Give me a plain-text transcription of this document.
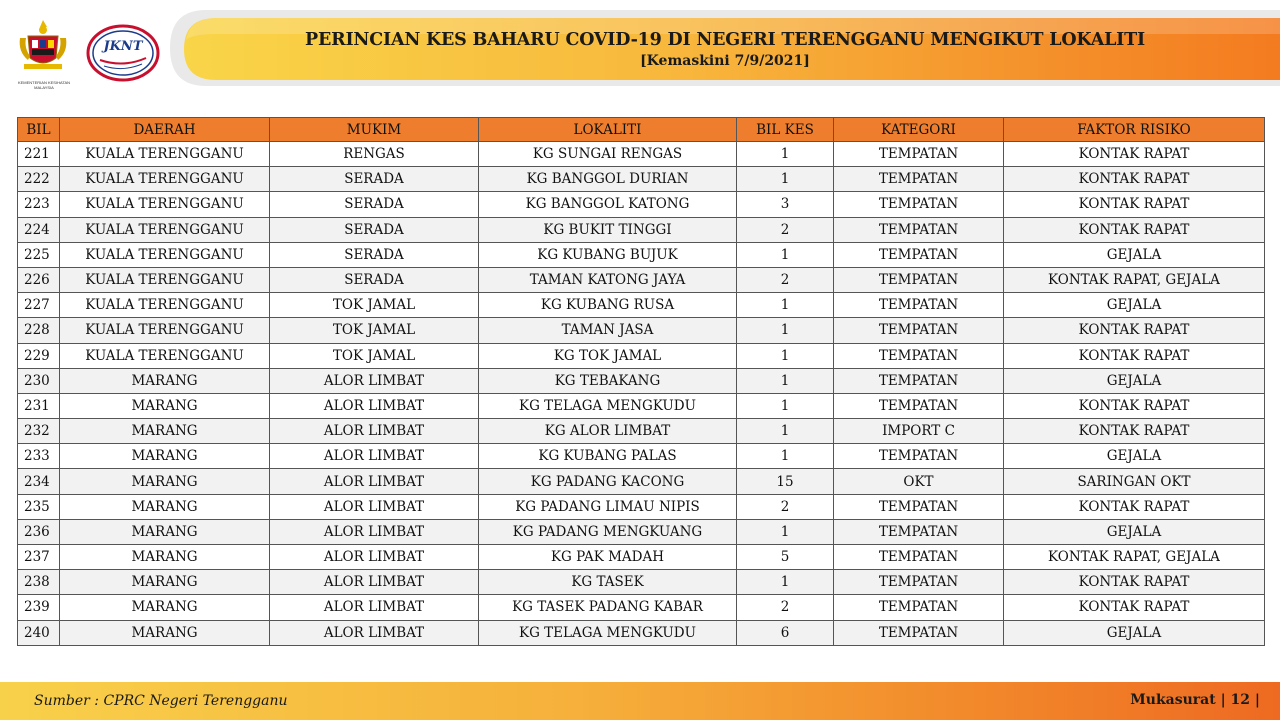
KEMENTERIAN KESIHATAN MALAYSIA
JKNT	PERINCIAN KES BAHARU COVID-19 DI NEGERI TERENGGANU MENGIKUT LOKALITI
[Kemaskini 7/9/2021]
BIL	DAERAH	MUKIM	LOKALITI	BIL KES	KATEGORI	FAKTOR RISIKO
221	KUALA TERENGGANU	RENGAS	KG SUNGAI RENGAS	1	TEMPATAN	KONTAK RAPAT
222	KUALA TERENGGANU	SERADA	KG BANGGOL DURIAN	1	TEMPATAN	KONTAK RAPAT
223	KUALA TERENGGANU	SERADA	KG BANGGOL KATONG	3	TEMPATAN	KONTAK RAPAT
224	KUALA TERENGGANU	SERADA	KG BUKIT TINGGI	2	TEMPATAN	KONTAK RAPAT
225	KUALA TERENGGANU	SERADA	KG KUBANG BUJUK	1	TEMPATAN	GEJALA
226	KUALA TERENGGANU	SERADA	TAMAN KATONG JAYA	2	TEMPATAN	KONTAK RAPAT, GEJALA
227	KUALA TERENGGANU	TOK JAMAL	KG KUBANG RUSA	1	TEMPATAN	GEJALA
228	KUALA TERENGGANU	TOK JAMAL	TAMAN JASA	1	TEMPATAN	KONTAK RAPAT
229	KUALA TERENGGANU	TOK JAMAL	KG TOK JAMAL	1	TEMPATAN	KONTAK RAPAT
230	MARANG	ALOR LIMBAT	KG TEBAKANG	1	TEMPATAN	GEJALA
231	MARANG	ALOR LIMBAT	KG TELAGA MENGKUDU	1	TEMPATAN	KONTAK RAPAT
232	MARANG	ALOR LIMBAT	KG ALOR LIMBAT	1	IMPORT C	KONTAK RAPAT
233	MARANG	ALOR LIMBAT	KG KUBANG PALAS	1	TEMPATAN	GEJALA
234	MARANG	ALOR LIMBAT	KG PADANG KACONG	15	OKT	SARINGAN OKT
235	MARANG	ALOR LIMBAT	KG PADANG LIMAU NIPIS	2	TEMPATAN	KONTAK RAPAT
236	MARANG	ALOR LIMBAT	KG PADANG MENGKUANG	1	TEMPATAN	GEJALA
237	MARANG	ALOR LIMBAT	KG PAK MADAH	5	TEMPATAN	KONTAK RAPAT, GEJALA
238	MARANG	ALOR LIMBAT	KG TASEK	1	TEMPATAN	KONTAK RAPAT
239	MARANG	ALOR LIMBAT	KG TASEK PADANG KABAR	2	TEMPATAN	KONTAK RAPAT
240	MARANG	ALOR LIMBAT	KG TELAGA MENGKUDU	6	TEMPATAN	GEJALA
Sumber : CPRC Negeri Terengganu	Mukasurat | 12 |
